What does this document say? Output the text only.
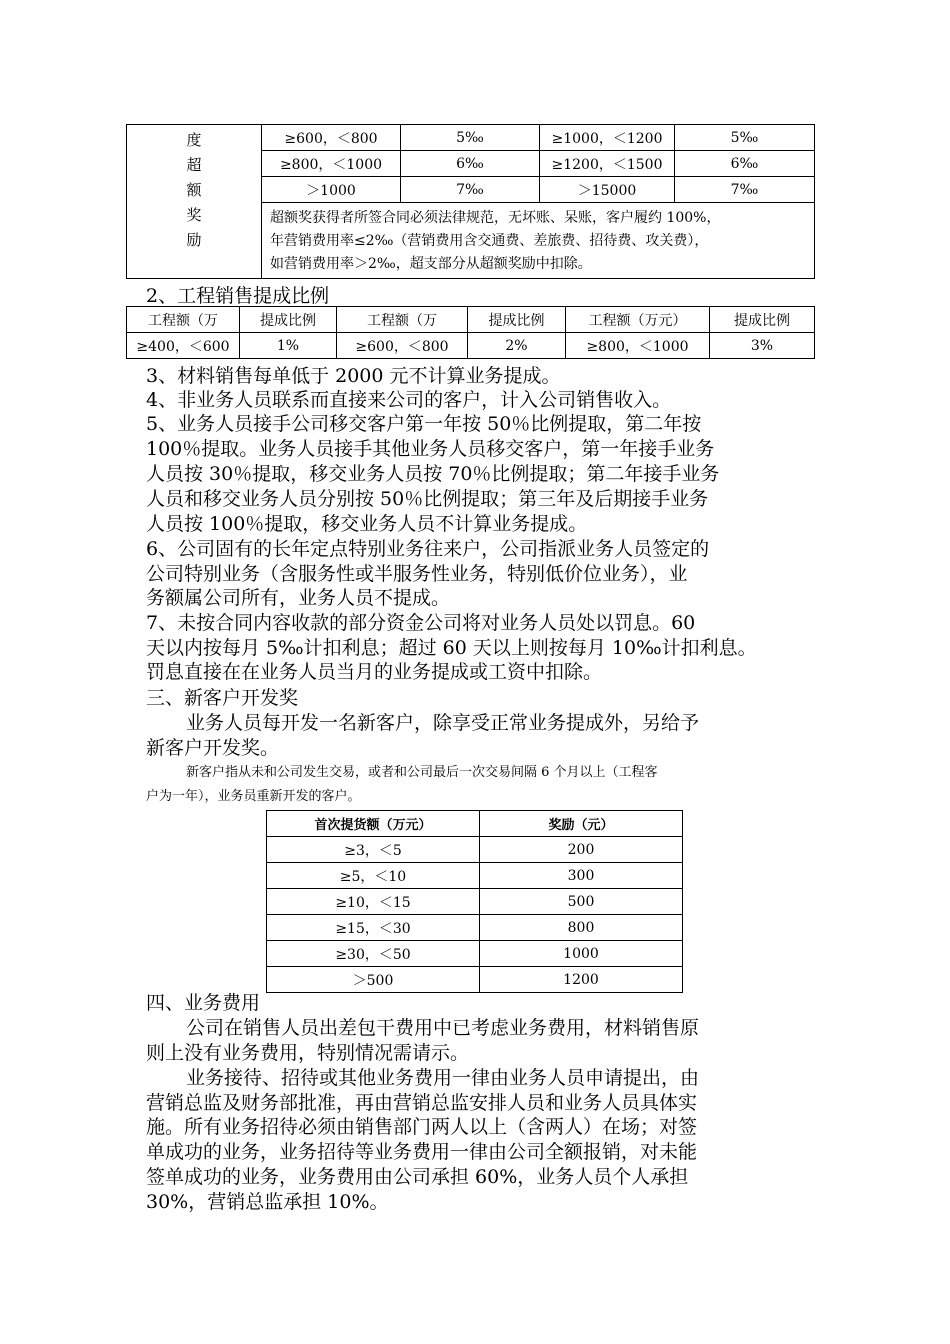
度
超
额
奖
励	≥600，＜800	5‰	≥1000，＜1200	5‰
	≥800，＜1000	6‰	≥1200，＜1500	6‰
	＞1000	7‰	＞15000	7‰

	超额奖获得者所签合同必须法律规范，无坏账、呆账，客户履约 100%，
年营销费用率≤2‰（营销费用含交通费、差旅费、招待费、攻关费），
如营销费用率＞2‰，超支部分从超额奖励中扣除。			
2、工程销售提成比例
工程额（万	提成比例	工程额（万	提成比例	工程额（万元）	提成比例
≥400，＜600	1%	≥600，＜800	2%	≥800，＜1000	3%
3、材料销售每单低于 2000 元不计算业务提成。
4、非业务人员联系而直接来公司的客户，计入公司销售收入。
5、业务人员接手公司移交客户第一年按 50％比例提取，第二年按
100％提取。业务人员接手其他业务人员移交客户，第一年接手业务
人员按 30％提取，移交业务人员按 70％比例提取；第二年接手业务
人员和移交业务人员分别按 50％比例提取；第三年及后期接手业务
人员按 100％提取，移交业务人员不计算业务提成。
6、公司固有的长年定点特别业务往来户，公司指派业务人员签定的
公司特别业务（含服务性或半服务性业务，特别低价位业务），业
务额属公司所有，业务人员不提成。
7、未按合同内容收款的部分资金公司将对业务人员处以罚息。60
天以内按每月 5‰计扣利息；超过 60 天以上则按每月 10‰计扣利息。
罚息直接在在业务人员当月的业务提成或工资中扣除。
三、新客户开发奖
业务人员每开发一名新客户，除享受正常业务提成外，另给予
新客户开发奖。
新客户指从未和公司发生交易，或者和公司最后一次交易间隔 6 个月以上（工程客
户为一年），业务员重新开发的客户。
首次提货额（万元）	奖励（元）
≥3，＜5	200
≥5，＜10	300
≥10，＜15	500
≥15，＜30	800
≥30，＜50	1000
＞500	1200
四、业务费用
公司在销售人员出差包干费用中已考虑业务费用，材料销售原
则上没有业务费用，特别情况需请示。
业务接待、招待或其他业务费用一律由业务人员申请提出，由
营销总监及财务部批准，再由营销总监安排人员和业务人员具体实
施。所有业务招待必须由销售部门两人以上（含两人）在场；对签
单成功的业务，业务招待等业务费用一律由公司全额报销，对未能
签单成功的业务，业务费用由公司承担 60%，业务人员个人承担
30%，营销总监承担 10%。
